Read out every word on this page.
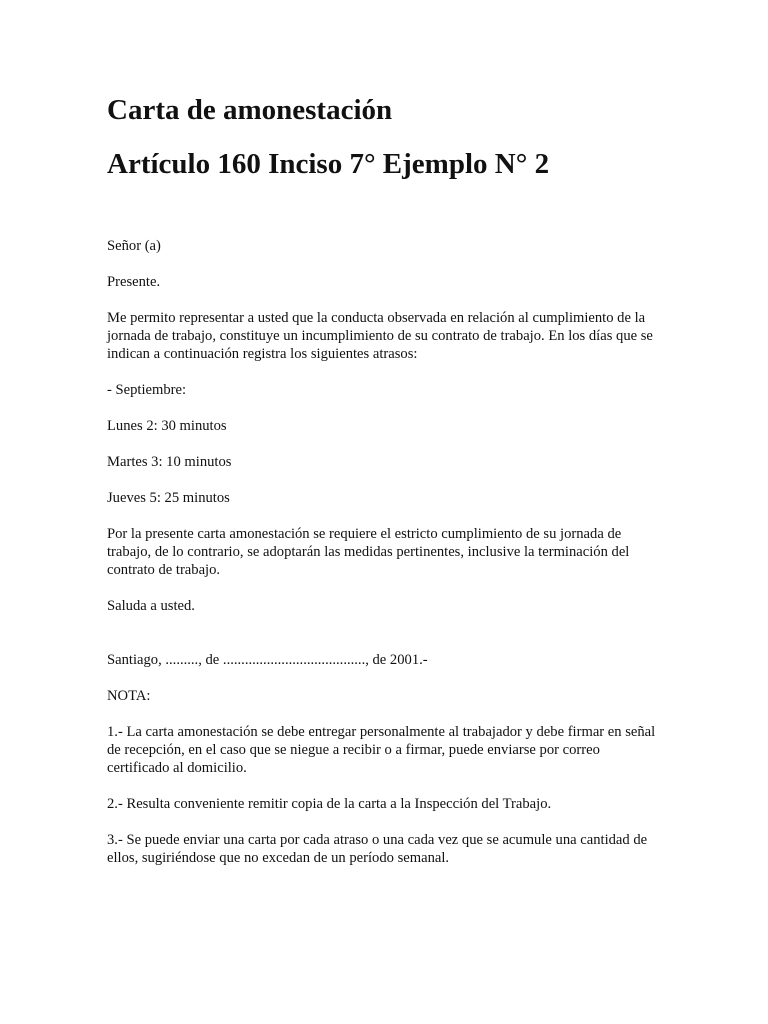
Carta de amonestación
Artículo 160 Inciso 7° Ejemplo N° 2

Señor (a)

Presente.

Me permito representar a usted que la conducta observada en relación al cumplimiento de la jornada de trabajo, constituye un incumplimiento de su contrato de trabajo. En los días que se indican a continuación registra los siguientes atrasos:

- Septiembre:

Lunes 2: 30 minutos

Martes 3: 10 minutos

Jueves 5: 25 minutos

Por la presente carta amonestación se requiere el estricto cumplimiento de su jornada de trabajo, de lo contrario, se adoptarán las medidas pertinentes, inclusive la terminación del contrato de trabajo.

Saluda a usted.

Santiago, ........., de ......................................., de 2001.-

NOTA:

1.- La carta amonestación se debe entregar personalmente al trabajador y debe firmar en señal de recepción, en el caso que se niegue a recibir o a firmar, puede enviarse por correo certificado al domicilio.

2.- Resulta conveniente remitir copia de la carta a la Inspección del Trabajo.

3.- Se puede enviar una carta por cada atraso o una cada vez que se acumule una cantidad de ellos, sugiriéndose que no excedan de un período semanal.
